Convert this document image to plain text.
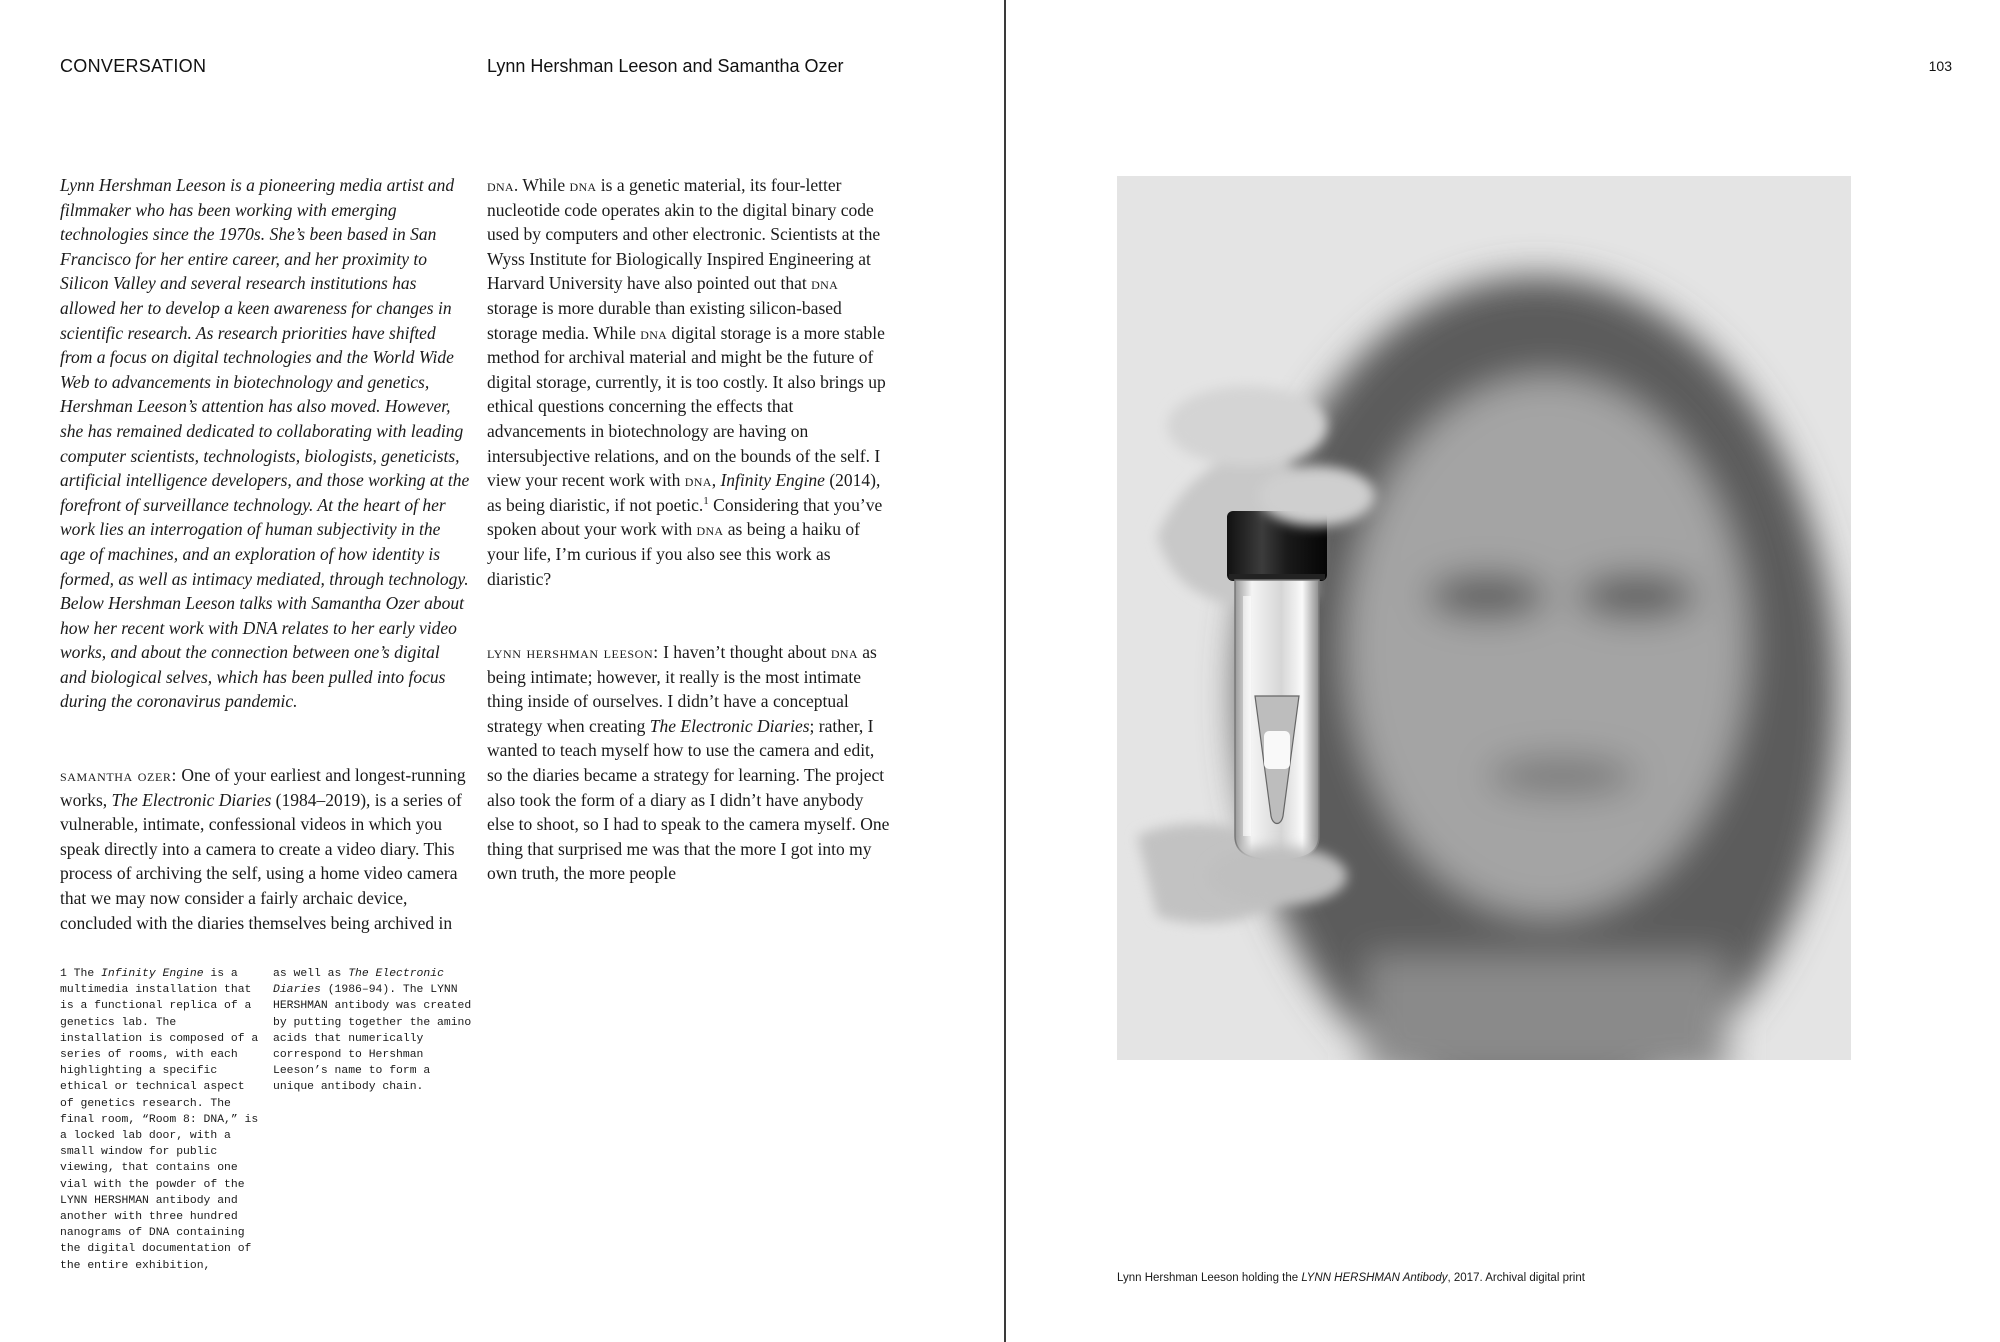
CONVERSATION	Lynn Hershman Leeson and Samantha Ozer	103

Lynn Hershman Leeson is a pioneering media artist and filmmaker who has been working with emerging technologies since the 1970s. She’s been based in San Francisco for her entire career, and her proximity to Silicon Valley and several research institutions has allowed her to develop a keen awareness for changes in scientific research. As research priorities have shifted from a focus on digital technologies and the World Wide Web to advancements in biotechnology and genetics, Hershman Leeson’s attention has also moved. However, she has remained dedicated to collaborating with leading computer scientists, technologists, biologists, geneticists, artificial intelligence developers, and those working at the forefront of surveillance technology. At the heart of her work lies an interrogation of human subjectivity in the age of machines, and an exploration of how identity is formed, as well as intimacy mediated, through technology. Below Hershman Leeson talks with Samantha Ozer about how her recent work with DNA relates to her early video works, and about the connection between one’s digital and biological selves, which has been pulled into focus during the coronavirus pandemic.

samantha ozer: One of your earliest and longest-running works, The Electronic Diaries (1984–2019), is a series of vulnerable, intimate, confessional videos in which you speak directly into a camera to create a video diary. This process of archiving the self, using a home video camera that we may now consider a fairly archaic device, concluded with the diaries themselves being archived in

dna. While dna is a genetic material, its four-letter nucleotide code operates akin to the digital binary code used by computers and other electronic. Scientists at the Wyss Institute for Biologically Inspired Engineering at Harvard University have also pointed out that dna storage is more durable than existing silicon-based storage media. While dna digital storage is a more stable method for archival material and might be the future of digital storage, currently, it is too costly. It also brings up ethical questions concerning the effects that advancements in biotechnology are having on intersubjective relations, and on the bounds of the self. I view your recent work with dna, Infinity Engine (2014), as being diaristic, if not poetic.$^1$ Considering that you’ve spoken about your work with dna as being a haiku of your life, I’m curious if you also see this work as diaristic?

lynn hershman leeson: I haven’t thought about dna as being intimate; however, it really is the most intimate thing inside of ourselves. I didn’t have a conceptual strategy when creating The Electronic Diaries; rather, I wanted to teach myself how to use the camera and edit, so the diaries became a strategy for learning. The project also took the form of a diary as I didn’t have anybody else to shoot, so I had to speak to the camera myself. One thing that surprised me was that the more I got into my own truth, the more people

1 The Infinity Engine is a multimedia installation that is a functional replica of a genetics lab. The installation is composed of a series of rooms, with each highlighting a specific ethical or technical aspect of genetics research. The final room, “Room 8: DNA,” is a locked lab door, with a small window for public viewing, that contains one vial with the powder of the LYNN HERSHMAN antibody and another with three hundred nanograms of DNA containing the digital documentation of the entire exhibition,

as well as The Electronic Diaries (1986–94). The LYNN HERSHMAN antibody was created by putting together the amino acids that numerically correspond to Hershman Leeson’s name to form a unique antibody chain.

Lynn Hershman Leeson holding the LYNN HERSHMAN Antibody, 2017. Archival digital print
